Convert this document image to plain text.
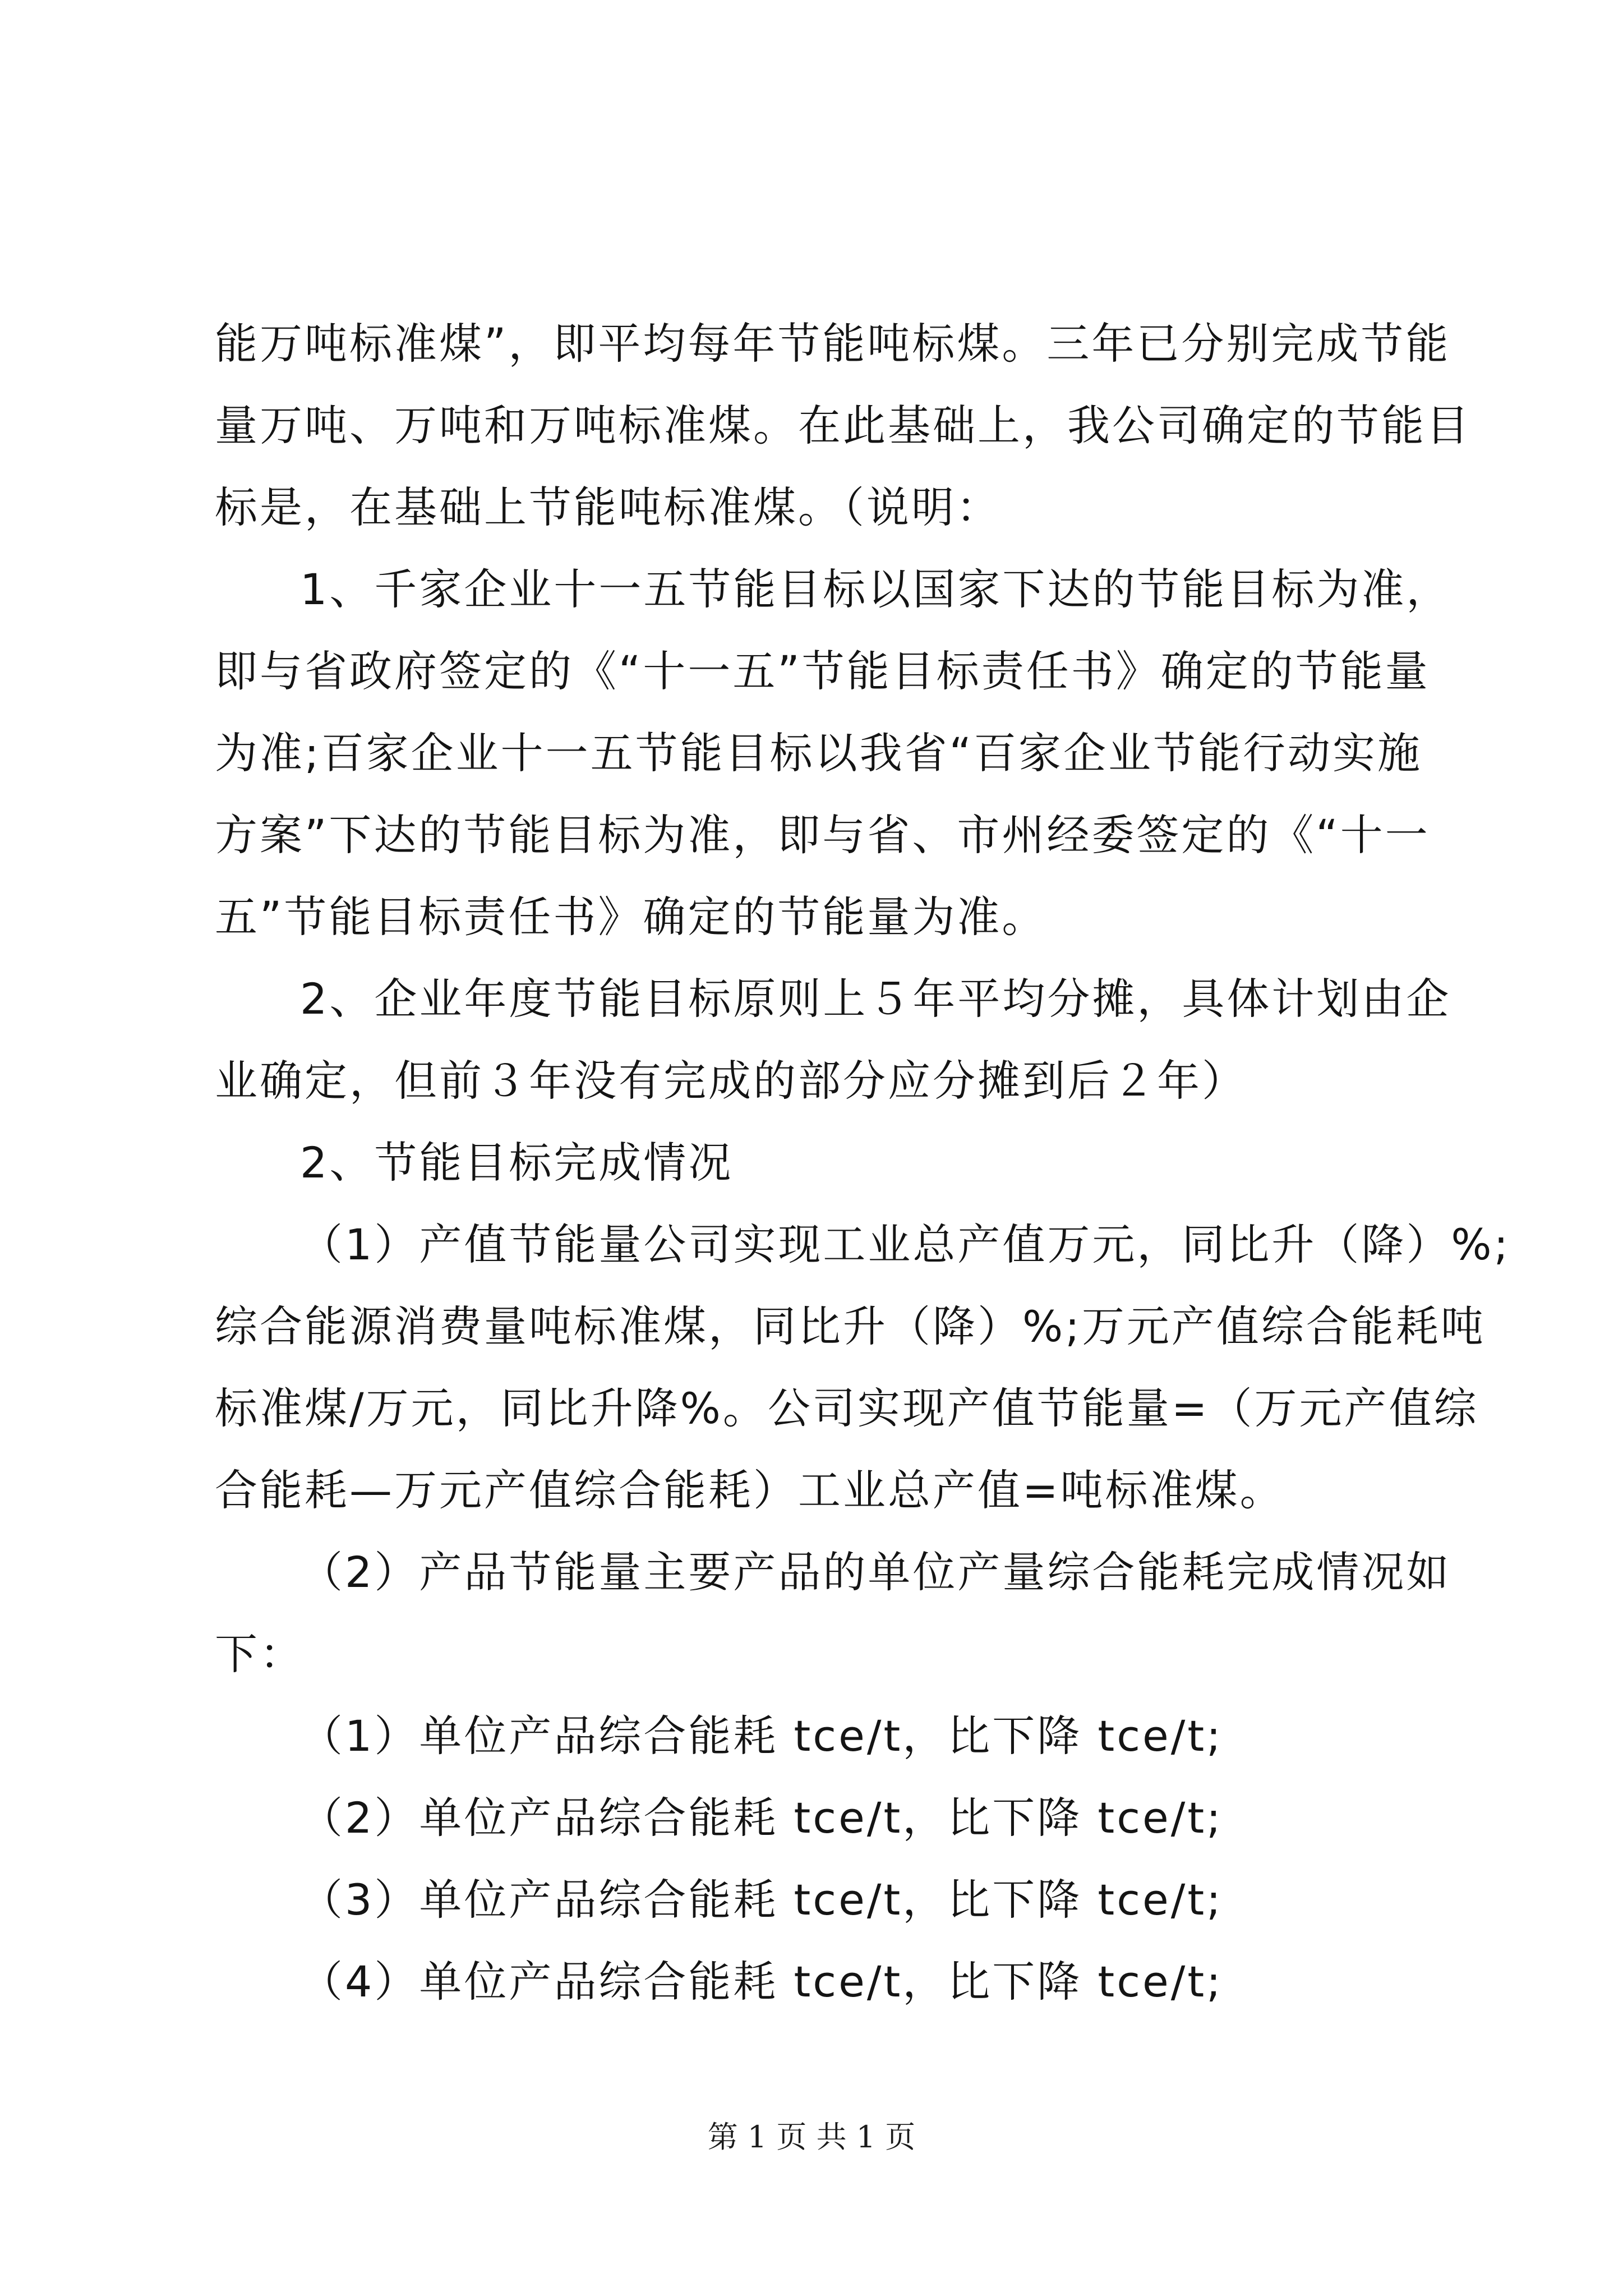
能万吨标准煤”，即平均每年节能吨标煤。三年已分别完成节能

量万吨、万吨和万吨标准煤。在此基础上，我公司确定的节能目

标是，在基础上节能吨标准煤。（说明：

1、千家企业十一五节能目标以国家下达的节能目标为准，

即与省政府签定的《“十一五”节能目标责任书》确定的节能量

为准;百家企业十一五节能目标以我省“百家企业节能行动实施

方案”下达的节能目标为准，即与省、市州经委签定的《“十一

五”节能目标责任书》确定的节能量为准。

2、企业年度节能目标原则上５年平均分摊，具体计划由企

业确定，但前３年没有完成的部分应分摊到后２年）

2、节能目标完成情况

（1）产值节能量公司实现工业总产值万元，同比升（降）%;

综合能源消费量吨标准煤，同比升（降）%;万元产值综合能耗吨

标准煤/万元，同比升降%。公司实现产值节能量=（万元产值综

合能耗—万元产值综合能耗）工业总产值=吨标准煤。

（2）产品节能量主要产品的单位产量综合能耗完成情况如

下：

（1）单位产品综合能耗 tce/t，比下降 tce/t;

（2）单位产品综合能耗 tce/t，比下降 tce/t;

（3）单位产品综合能耗 tce/t，比下降 tce/t;

（4）单位产品综合能耗 tce/t，比下降 tce/t;

第 1 页 共 1 页
